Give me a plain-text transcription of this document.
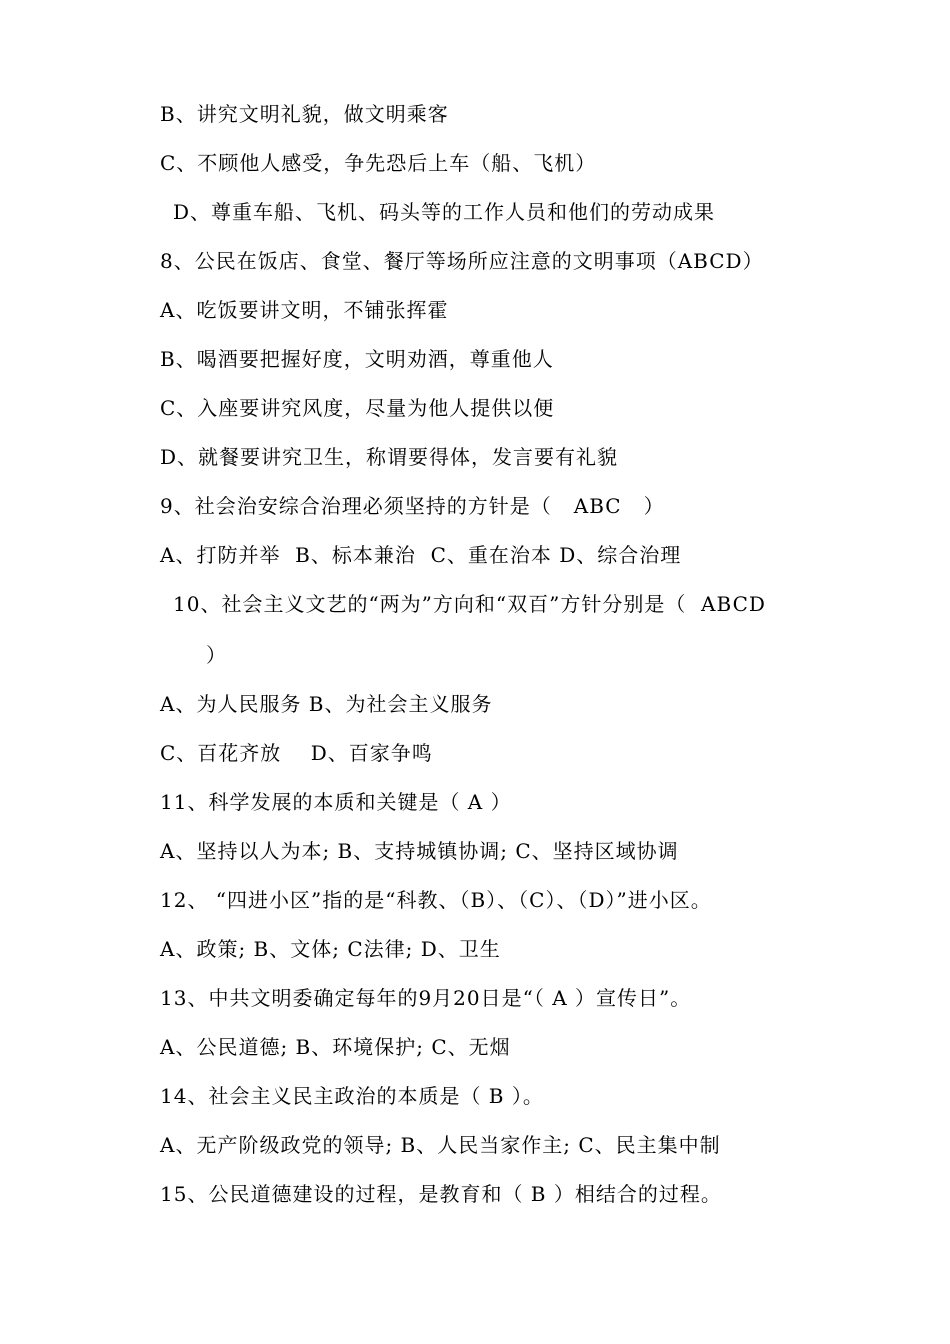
B、讲究文明礼貌，做文明乘客
C、不顾他人感受，争先恐后上车（船、飞机）
D、尊重车船、飞机、码头等的工作人员和他们的劳动成果
8、公民在饭店、食堂、餐厅等场所应注意的文明事项（ABCD）
A、吃饭要讲文明，不铺张挥霍
B、喝酒要把握好度，文明劝酒，尊重他人
C、入座要讲究风度，尽量为他人提供以便
D、就餐要讲究卫生，称谓要得体，发言要有礼貌
9、社会治安综合治理必须坚持的方针是（   ABC   ）
A、打防并举  B、标本兼治  C、重在治本 D、综合治理
10、社会主义文艺的“两为”方向和“双百”方针分别是（  ABCD
）
A、为人民服务 B、为社会主义服务
C、百花齐放    D、百家争鸣
11、科学发展的本质和关键是（ A ）
A、坚持以人为本; B、支持城镇协调; C、坚持区域协调
12、 “四进小区”指的是“科教、（B）、（C）、（D）”进小区。
A、政策; B、文体; C法律; D、卫生
13、中共文明委确定每年的9月20日是“（ A ）宣传日”。
A、公民道德; B、环境保护; C、无烟
14、社会主义民主政治的本质是（ B ）。
A、无产阶级政党的领导; B、人民当家作主; C、民主集中制
15、公民道德建设的过程，是教育和（ B ）相结合的过程。
